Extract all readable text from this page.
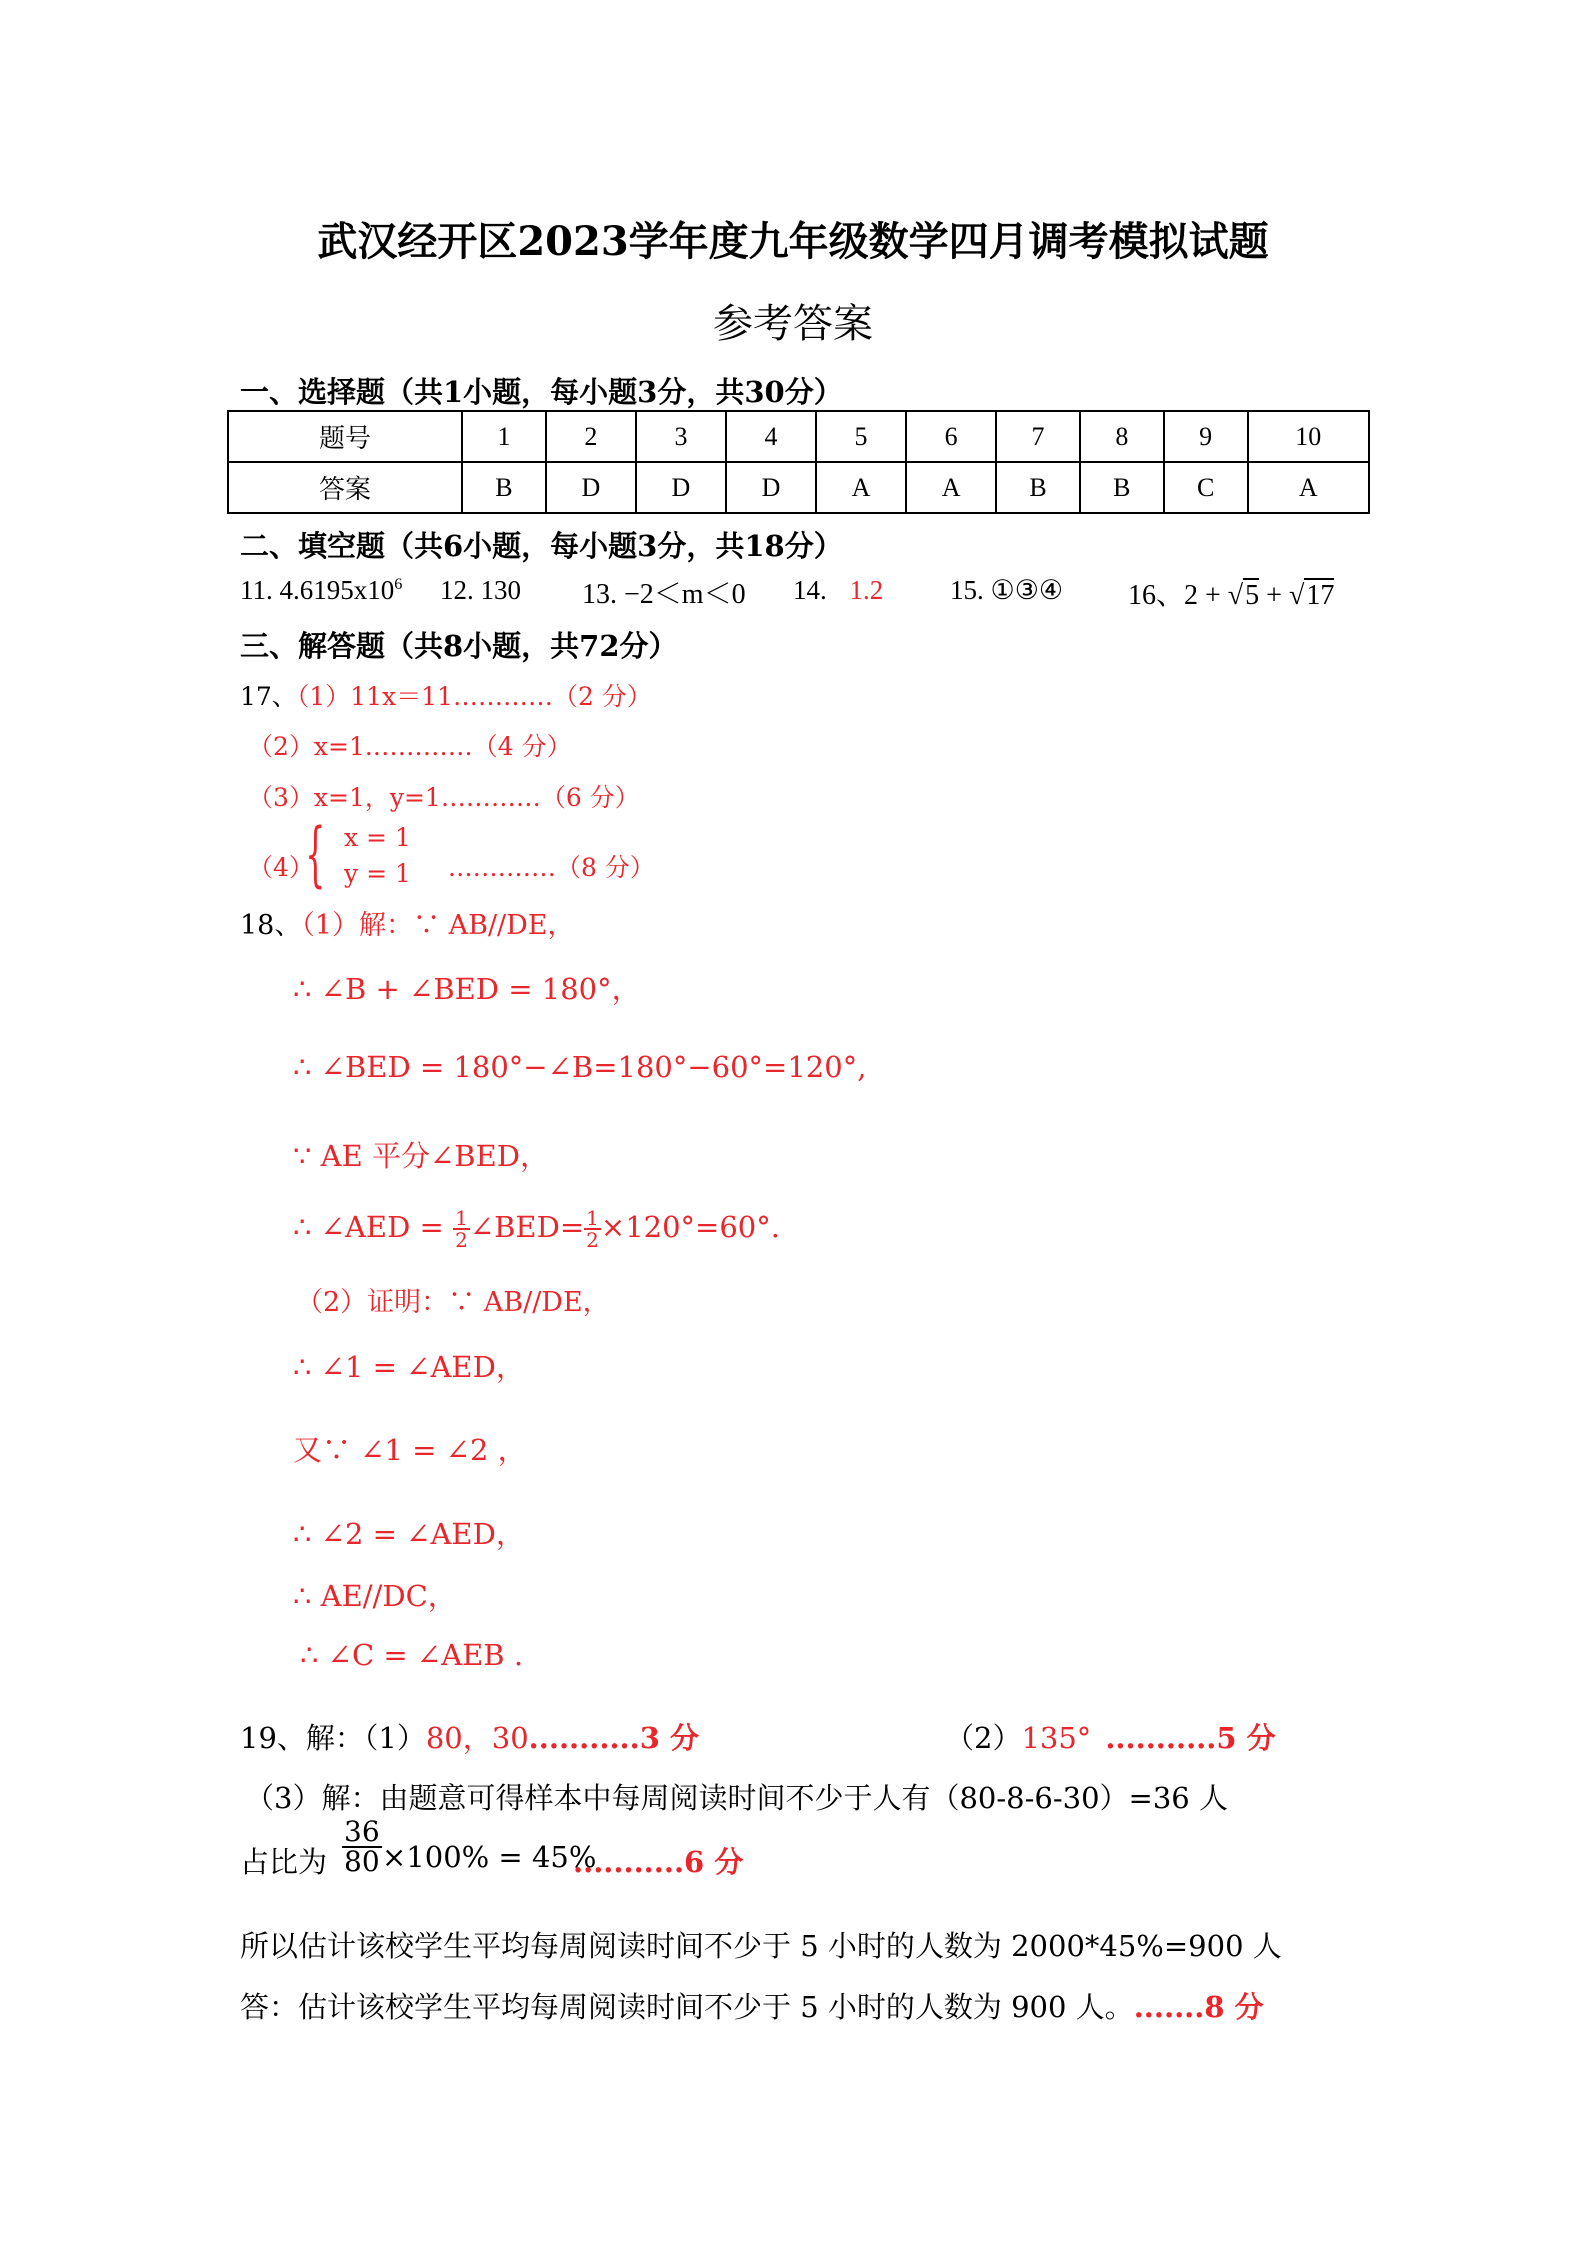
武汉经开区2023学年度九年级数学四月调考模拟试题
参考答案
一、选择题（共1小题，每小题3分，共30分）
题号	1	2	3	4	5	6	7	8	9	10
答案	B	D	D	D	A	A	B	B	C	A
二、填空题（共6小题，每小题3分，共18分）
11. $4.6195x10^6$ 12. 130 13. −2＜m＜0 14. 1.2 15. ①③④ 16、2 + √5 + √17
三、解答题（共8小题，共72分）
17、（1）11x＝11…………（2 分）
（2）x=1.…………（4 分）
（3）x=1，y=1…………（6 分）
（4）
{ x = 1
y = 1 .…………（8 分）
18、（1）解：∵ AB//DE，
∴ ∠B + ∠BED = 180°，
∴ ∠BED = 180°−∠B=180°−60°=120°,
∵ AE 平分∠BED，
∴ ∠AED = $\frac{1}{2}$ ∠BED= $\frac{1}{2} \times 120^\circ=60^\circ$.
（2）证明：∵ AB//DE，
∴ ∠1 = ∠AED，
又∵ ∠1 = ∠2 ，
∴ ∠2 = ∠AED，
∴ AE//DC，
∴ ∠C = ∠AEB .
19、解：（1）80，30...........3 分	（2）135° ...........5 分
（3）解：由题意可得样本中每周阅读时间不少于人有（80-8-6-30）=36 人
占比为 $\frac{36}{80} \times 100\% = 45\%$
...........6 分
所以估计该校学生平均每周阅读时间不少于 5 小时的人数为 2000*45%=900 人
答：估计该校学生平均每周阅读时间不少于 5 小时的人数为 900 人。.......8 分
